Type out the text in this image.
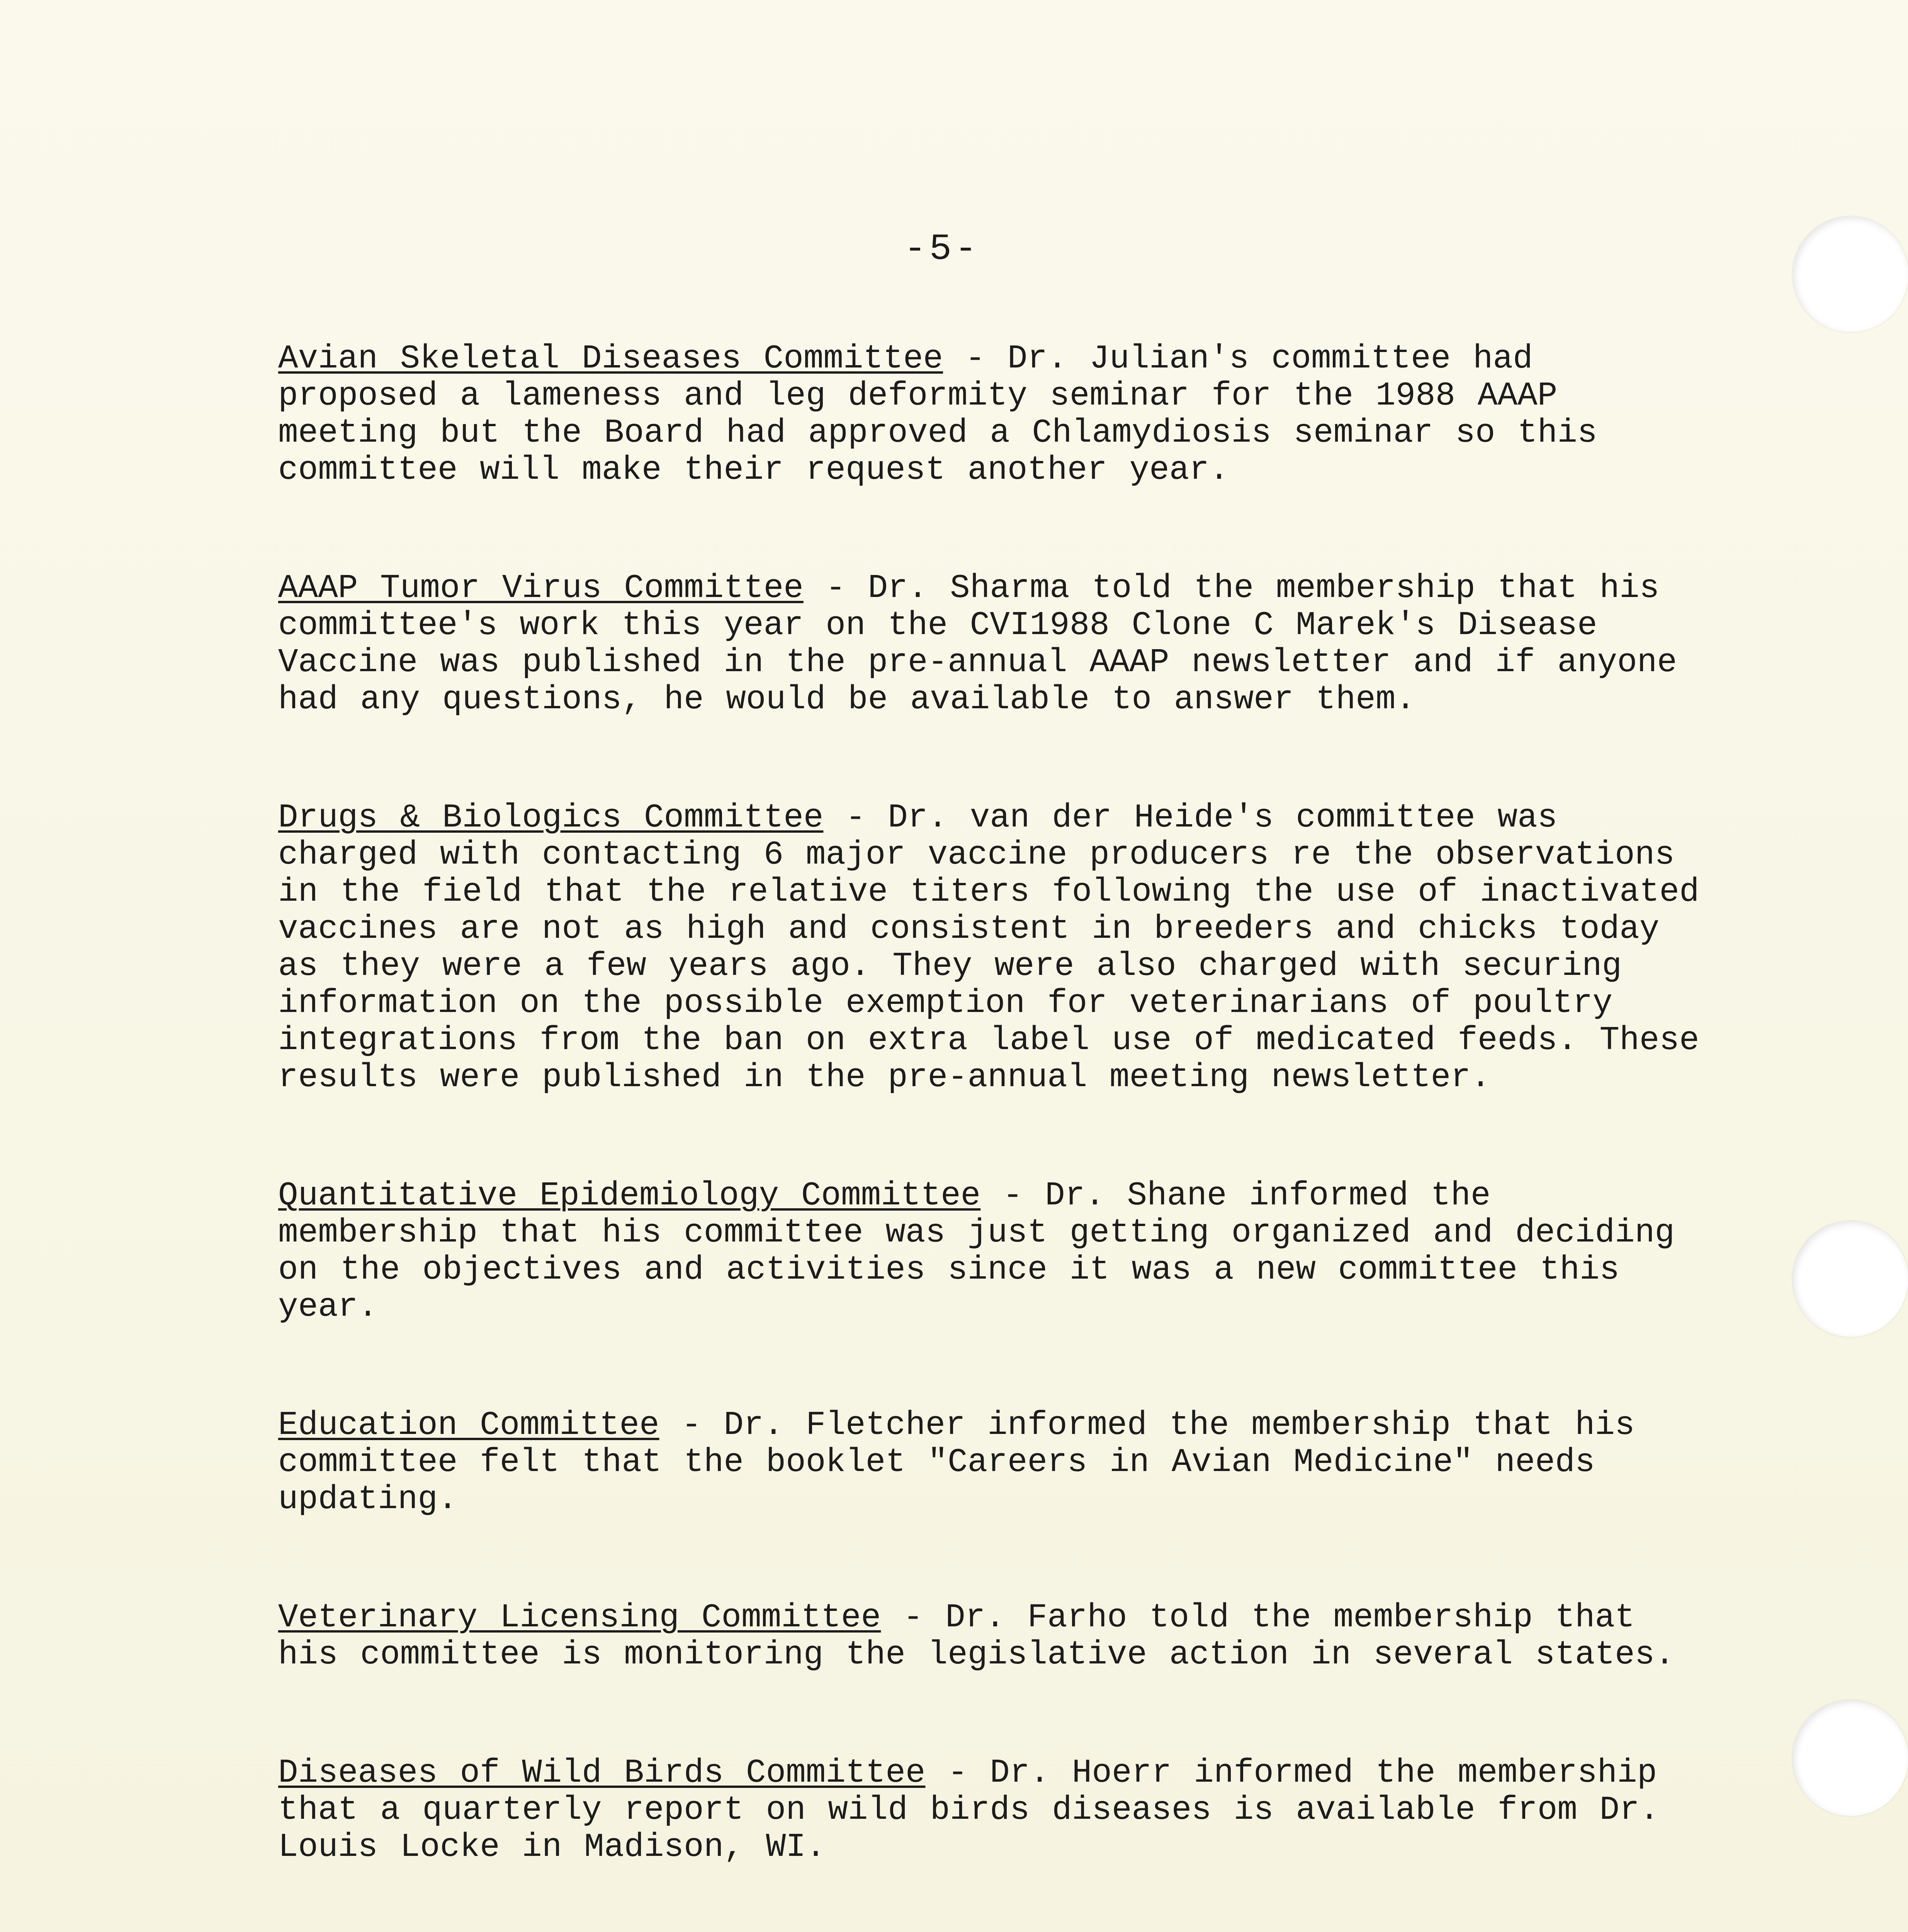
-5-

Avian Skeletal Diseases Committee - Dr. Julian's committee had proposed a lameness and leg deformity seminar for the 1988 AAAP meeting but the Board had approved a Chlamydiosis seminar so this committee will make their request another year.

AAAP Tumor Virus Committee - Dr. Sharma told the membership that his committee's work this year on the CVI1988 Clone C Marek's Disease Vaccine was published in the pre-annual AAAP newsletter and if anyone had any questions, he would be available to answer them.

Drugs & Biologics Committee - Dr. van der Heide's committee was charged with contacting 6 major vaccine producers re the observations in the field that the relative titers following the use of inactivated vaccines are not as high and consistent in breeders and chicks today as they were a few years ago. They were also charged with securing information on the possible exemption for veterinarians of poultry integrations from the ban on extra label use of medicated feeds. These results were published in the pre-annual meeting newsletter.

Quantitative Epidemiology Committee - Dr. Shane informed the membership that his committee was just getting organized and deciding on the objectives and activities since it was a new committee this year.

Education Committee - Dr. Fletcher informed the membership that his committee felt that the booklet "Careers in Avian Medicine" needs updating.

Veterinary Licensing Committee - Dr. Farho told the membership that his committee is monitoring the legislative action in several states.

Diseases of Wild Birds Committee - Dr. Hoerr informed the membership that a quarterly report on wild birds diseases is available from Dr. Louis Locke in Madison, WI.
